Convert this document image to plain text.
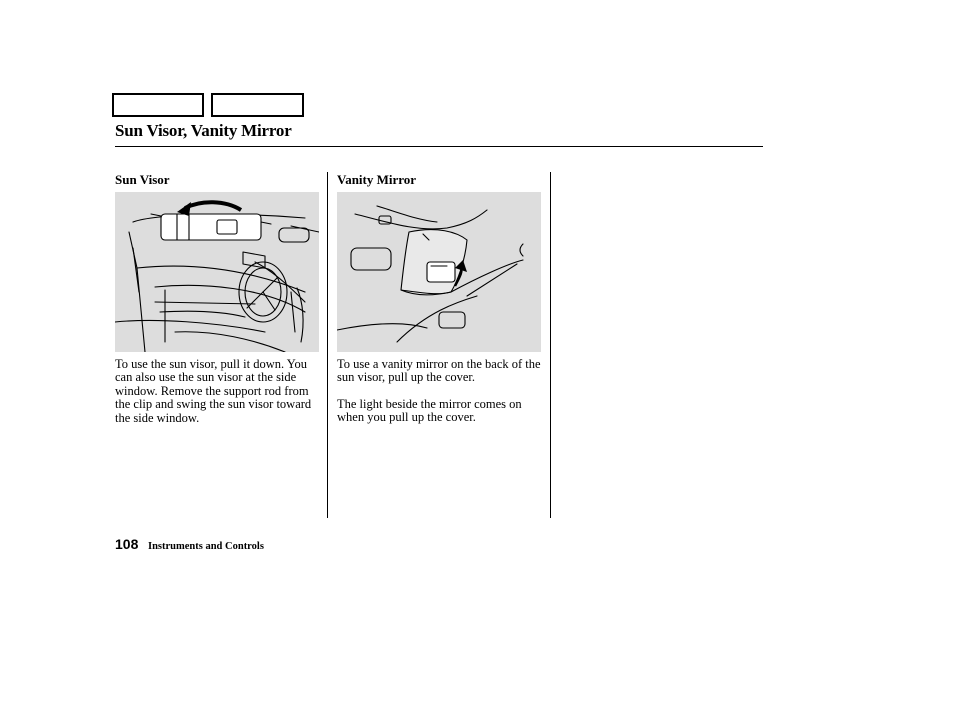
Sun Visor, Vanity Mirror
Sun Visor

To use the sun visor, pull it down. You can also use the sun visor at the side window. Remove the support rod from the clip and swing the sun visor toward the side window.

Vanity Mirror

To use a vanity mirror on the back of the sun visor, pull up the cover.

The light beside the mirror comes on when you pull up the cover.

108 Instruments and Controls
